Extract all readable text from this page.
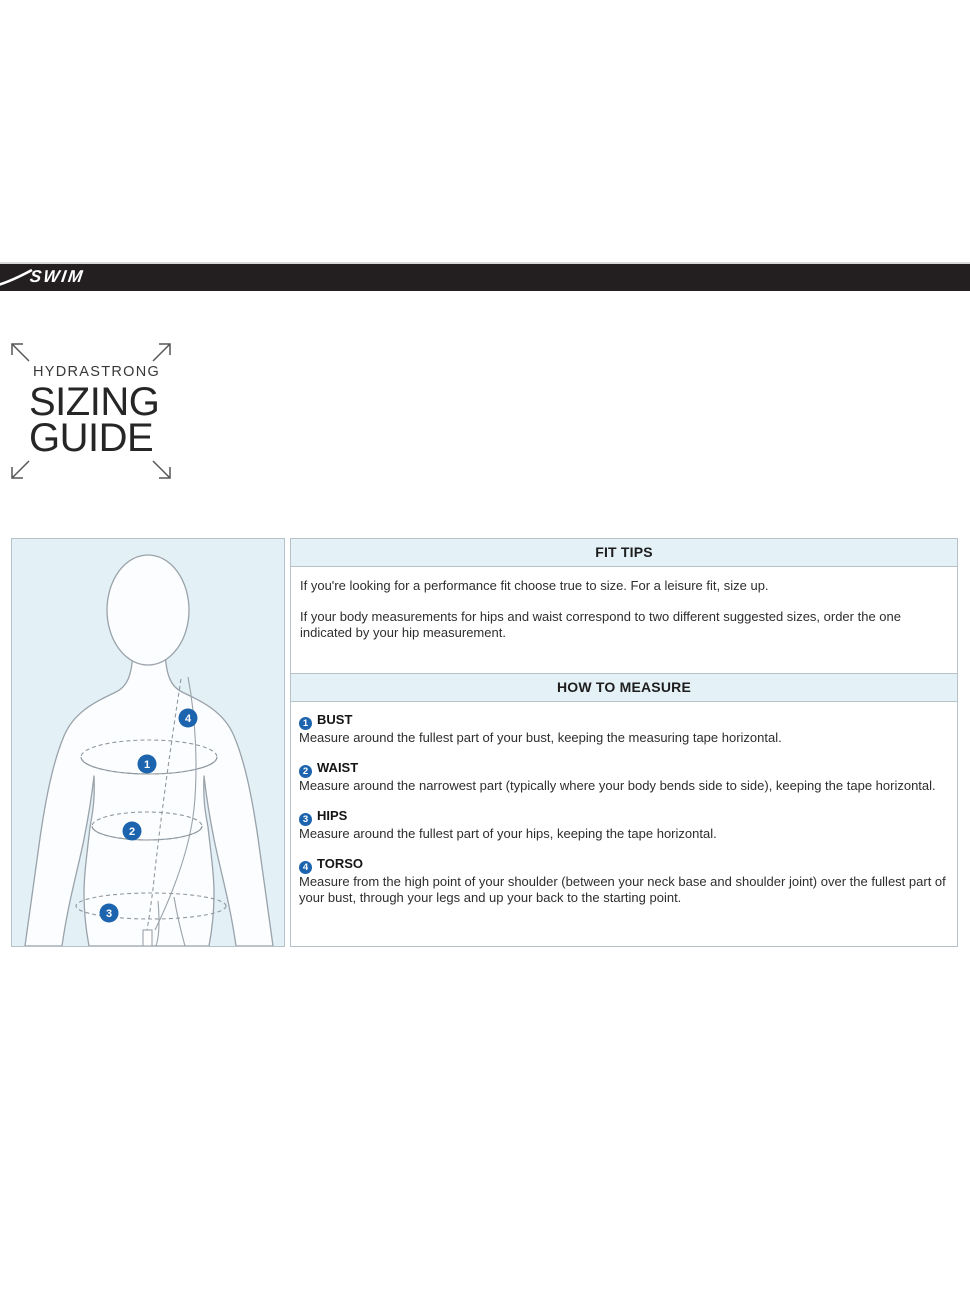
SWIM
HYDRASTRONG
SIZING
GUIDE
1
2
3
4
FIT TIPS

If you're looking for a performance fit choose true to size. For a leisure fit, size up.

If your body measurements for hips and waist correspond to two different suggested sizes, order the one indicated by your hip measurement.

HOW TO MEASURE
1 BUST

Measure around the fullest part of your bust, keeping the measuring tape horizontal.

2 WAIST

Measure around the narrowest part (typically where your body bends side to side), keeping the tape horizontal.

3 HIPS

Measure around the fullest part of your hips, keeping the tape horizontal.

4 TORSO

Measure from the high point of your shoulder (between your neck base and shoulder joint) over the fullest part of your bust, through your legs and up your back to the starting point.
